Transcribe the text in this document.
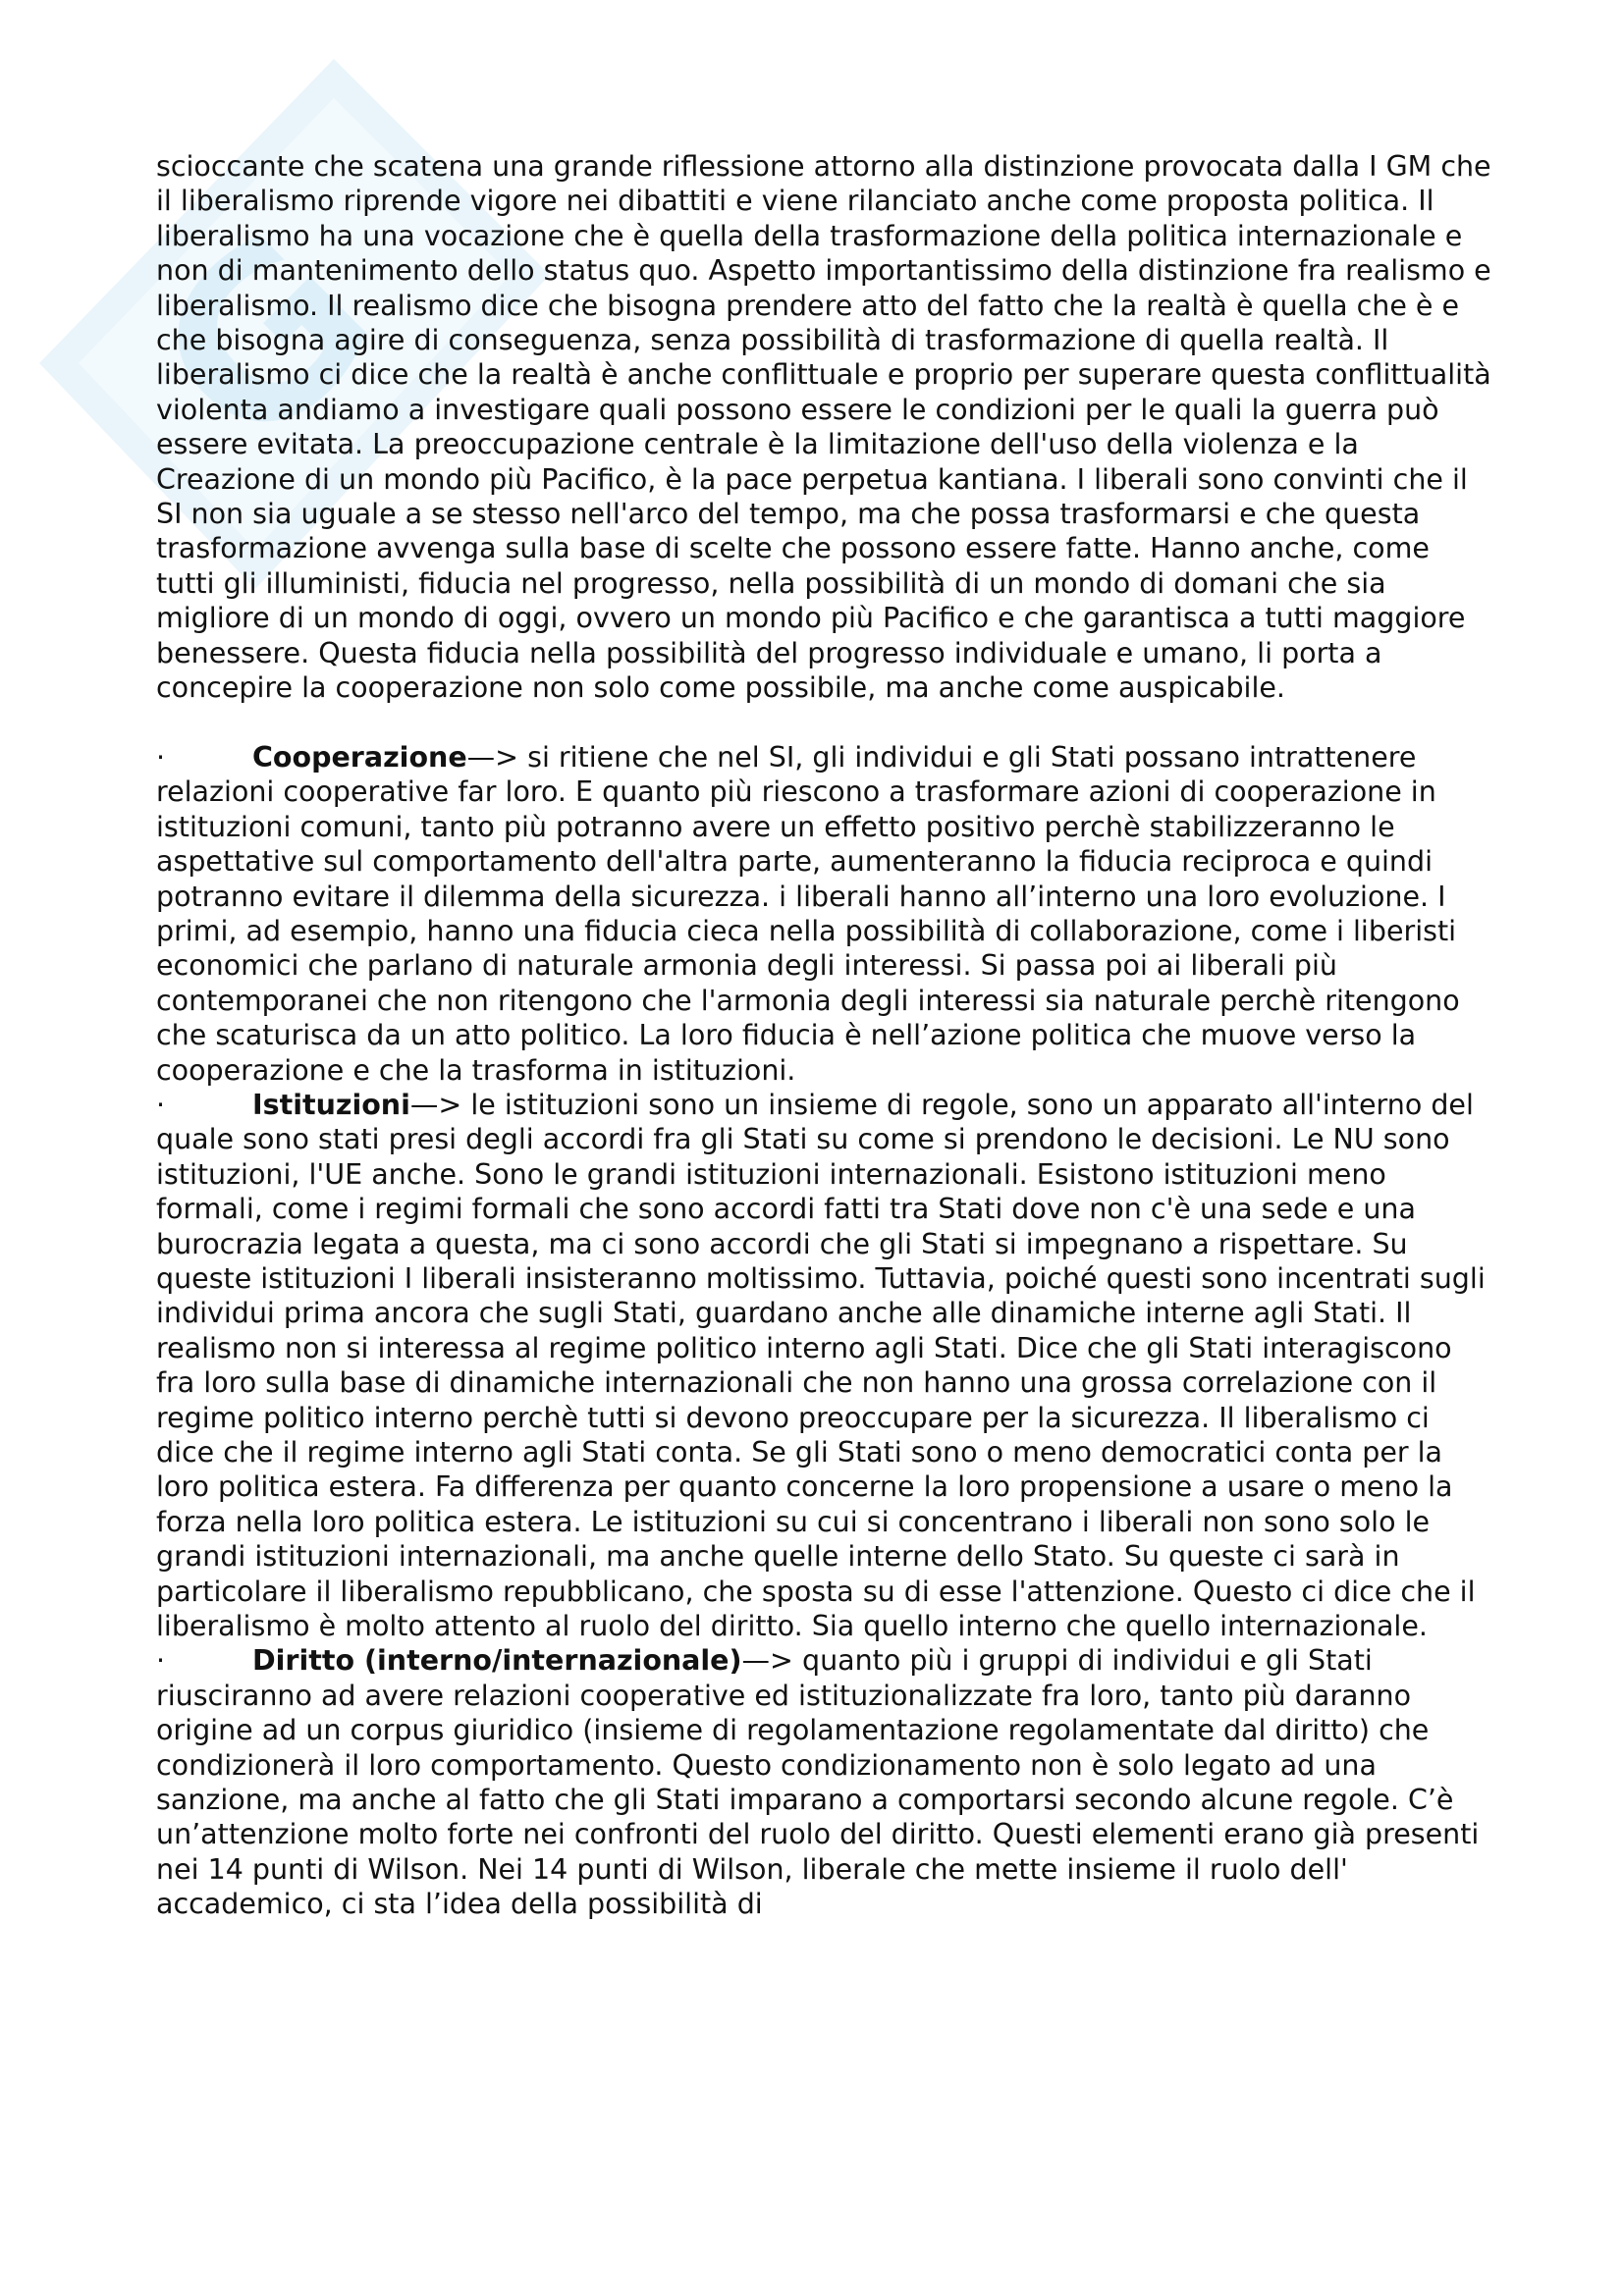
G

scioccante che scatena una grande riflessione attorno alla distinzione provocata dalla I GM che il liberalismo riprende vigore nei dibattiti e viene rilanciato anche come proposta politica. Il liberalismo ha una vocazione che è quella della trasformazione della politica internazionale e non di mantenimento dello status quo. Aspetto importantissimo della distinzione fra realismo e liberalismo. Il realismo dice che bisogna prendere atto del fatto che la realtà è quella che è e che bisogna agire di conseguenza, senza possibilità di trasformazione di quella realtà. Il liberalismo ci dice che la realtà è anche conflittuale e proprio per superare questa conflittualità violenta andiamo a investigare quali possono essere le condizioni per le quali la guerra può essere evitata. La preoccupazione centrale è la limitazione dell'uso della violenza e la Creazione di un mondo più Pacifico, è la pace perpetua kantiana. I liberali sono convinti che il SI non sia uguale a se stesso nell'arco del tempo, ma che possa trasformarsi e che questa trasformazione avvenga sulla base di scelte che possono essere fatte. Hanno anche, come tutti gli illuministi, fiducia nel progresso, nella possibilità di un mondo di domani che sia migliore di un mondo di oggi, ovvero un mondo più Pacifico e che garantisca a tutti maggiore benessere. Questa fiducia nella possibilità del progresso individuale e umano, li porta a concepire la cooperazione non solo come possibile, ma anche come auspicabile.

·	Cooperazione—> si ritiene che nel SI, gli individui e gli Stati possano intrattenere relazioni cooperative far loro. E quanto più riescono a trasformare azioni di cooperazione in istituzioni comuni, tanto più potranno avere un effetto positivo perchè stabilizzeranno le aspettative sul comportamento dell'altra parte, aumenteranno la fiducia reciproca e quindi potranno evitare il dilemma della sicurezza. i liberali hanno all’interno una loro evoluzione. I primi, ad esempio, hanno una fiducia cieca nella possibilità di collaborazione, come i liberisti economici che parlano di naturale armonia degli interessi. Si passa poi ai liberali più contemporanei che non ritengono che l'armonia degli interessi sia naturale perchè ritengono che scaturisca da un atto politico. La loro fiducia è nell’azione politica che muove verso la cooperazione e che la trasforma in istituzioni.

·	Istituzioni—> le istituzioni sono un insieme di regole, sono un apparato all'interno del quale sono stati presi degli accordi fra gli Stati su come si prendono le decisioni. Le NU sono istituzioni, l'UE anche. Sono le grandi istituzioni internazionali. Esistono istituzioni meno formali, come i regimi formali che sono accordi fatti tra Stati dove non c'è una sede e una burocrazia legata a questa, ma ci sono accordi che gli Stati si impegnano a rispettare. Su queste istituzioni I liberali insisteranno moltissimo. Tuttavia, poiché questi sono incentrati sugli individui prima ancora che sugli Stati, guardano anche alle dinamiche interne agli Stati. Il realismo non si interessa al regime politico interno agli Stati. Dice che gli Stati interagiscono fra loro sulla base di dinamiche internazionali che non hanno una grossa correlazione con il regime politico interno perchè tutti si devono preoccupare per la sicurezza. Il liberalismo ci dice che il regime interno agli Stati conta. Se gli Stati sono o meno democratici conta per la loro politica estera. Fa differenza per quanto concerne la loro propensione a usare o meno la forza nella loro politica estera. Le istituzioni su cui si concentrano i liberali non sono solo le grandi istituzioni internazionali, ma anche quelle interne dello Stato. Su queste ci sarà in particolare il liberalismo repubblicano, che sposta su di esse l'attenzione. Questo ci dice che il liberalismo è molto attento al ruolo del diritto. Sia quello interno che quello internazionale.

·	Diritto (interno/internazionale)—> quanto più i gruppi di individui e gli Stati riusciranno ad avere relazioni cooperative ed istituzionalizzate fra loro, tanto più daranno origine ad un corpus giuridico (insieme di regolamentazione regolamentate dal diritto) che condizionerà il loro comportamento. Questo condizionamento non è solo legato ad una sanzione, ma anche al fatto che gli Stati imparano a comportarsi secondo alcune regole. C’è un’attenzione molto forte nei confronti del ruolo del diritto. Questi elementi erano già presenti nei 14 punti di Wilson. Nei 14 punti di Wilson, liberale che mette insieme il ruolo dell' accademico, ci sta l’idea della possibilità di
